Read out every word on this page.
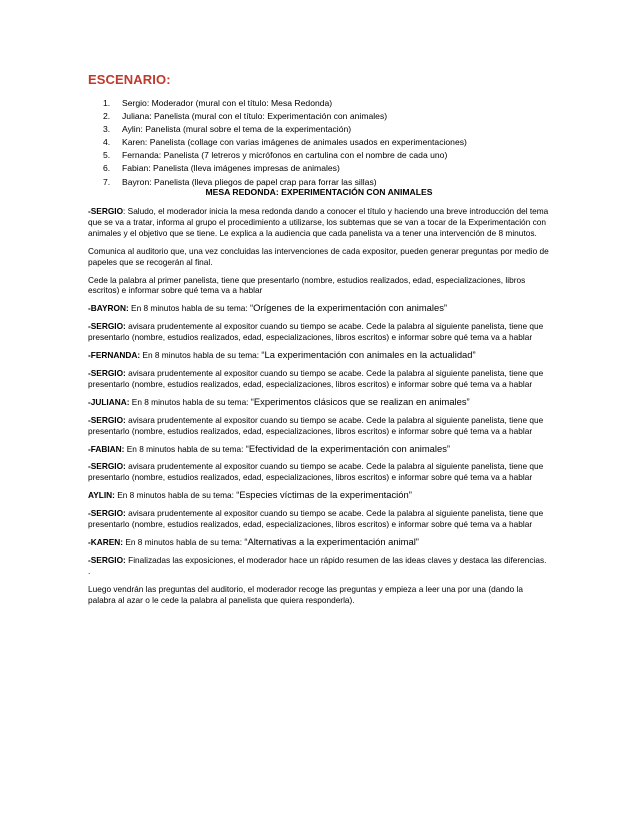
ESCENARIO:
1. Sergio: Moderador (mural con el título: Mesa Redonda)
2. Juliana: Panelista (mural con el título: Experimentación con animales)
3. Aylin: Panelista (mural sobre el tema de la experimentación)
4. Karen: Panelista (collage con varias imágenes de animales usados en experimentaciones)
5. Fernanda: Panelista (7 letreros y micrófonos en cartulina con el nombre de cada uno)
6. Fabian: Panelista (lleva imágenes impresas de animales)
7. Bayron: Panelista (lleva pliegos de papel crap para forrar las sillas)

MESA REDONDA: EXPERIMENTACIÓN CON ANIMALES

-SERGIO: Saludo, el moderador inicia la mesa redonda dando a conocer el título y haciendo una breve introducción del tema que se va a tratar, informa al grupo el procedimiento a utilizarse, los subtemas que se van a tocar de la Experimentación con animales y el objetivo que se tiene. Le explica a la audiencia que cada panelista va a tener una intervención de 8 minutos.

Comunica al auditorio que, una vez concluidas las intervenciones de cada expositor, pueden generar preguntas por medio de papeles que se recogerán al final.

Cede la palabra al primer panelista, tiene que presentarlo (nombre, estudios realizados, edad, especializaciones, libros escritos) e informar sobre qué tema va a hablar

-BAYRON: En 8 minutos habla de su tema: “Orígenes de la experimentación con animales”

-SERGIO: avisara prudentemente al expositor cuando su tiempo se acabe. Cede la palabra al siguiente panelista, tiene que presentarlo (nombre, estudios realizados, edad, especializaciones, libros escritos) e informar sobre qué tema va a hablar

-FERNANDA: En 8 minutos habla de su tema: “La experimentación con animales en la actualidad”

-SERGIO: avisara prudentemente al expositor cuando su tiempo se acabe. Cede la palabra al siguiente panelista, tiene que presentarlo (nombre, estudios realizados, edad, especializaciones, libros escritos) e informar sobre qué tema va a hablar

-JULIANA: En 8 minutos habla de su tema: “Experimentos clásicos que se realizan en animales”

-SERGIO: avisara prudentemente al expositor cuando su tiempo se acabe. Cede la palabra al siguiente panelista, tiene que presentarlo (nombre, estudios realizados, edad, especializaciones, libros escritos) e informar sobre qué tema va a hablar

-FABIAN: En 8 minutos habla de su tema: “Efectividad de la experimentación con animales”

-SERGIO: avisara prudentemente al expositor cuando su tiempo se acabe. Cede la palabra al siguiente panelista, tiene que presentarlo (nombre, estudios realizados, edad, especializaciones, libros escritos) e informar sobre qué tema va a hablar

AYLIN: En 8 minutos habla de su tema: “Especies víctimas de la experimentación”

-SERGIO: avisara prudentemente al expositor cuando su tiempo se acabe. Cede la palabra al siguiente panelista, tiene que presentarlo (nombre, estudios realizados, edad, especializaciones, libros escritos) e informar sobre qué tema va a hablar

-KAREN: En 8 minutos habla de su tema: “Alternativas a la experimentación animal”

-SERGIO: Finalizadas las exposiciones, el moderador hace un rápido resumen de las ideas claves y destaca las diferencias. .

Luego vendrán las preguntas del auditorio, el moderador recoge las preguntas y empieza a leer una por una (dando la palabra al azar o le cede la palabra al panelista que quiera responderla).
